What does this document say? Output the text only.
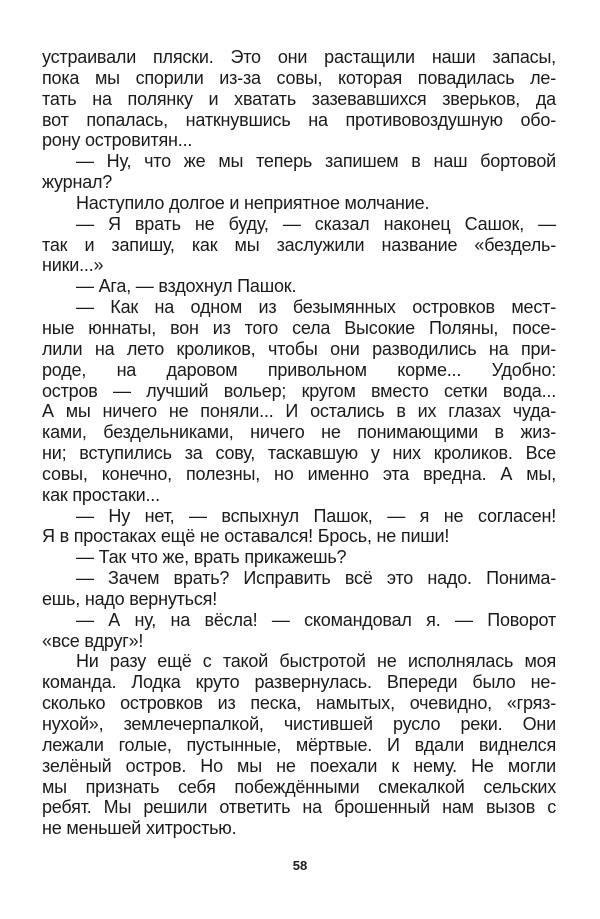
устраивали пляски. Это они растащили наши запасы,
пока мы спорили из-за совы, которая повадилась ле-
тать на полянку и хватать зазевавшихся зверьков, да
вот попалась, наткнувшись на противовоздушную обо-
рону островитян...
— Ну, что же мы теперь запишем в наш бортовой
журнал?
Наступило долгое и неприятное молчание.
— Я врать не буду, — сказал наконец Сашок, —
так и запишу, как мы заслужили название «бездель-
ники...»
— Ага, — вздохнул Пашок.
— Как на одном из безымянных островков мест-
ные юннаты, вон из того села Высокие Поляны, посе-
лили на лето кроликов, чтобы они разводились на при-
роде, на даровом привольном корме... Удобно:
остров — лучший вольер; кругом вместо сетки вода...
А мы ничего не поняли... И остались в их глазах чуда-
ками, бездельниками, ничего не понимающими в жиз-
ни; вступились за сову, таскавшую у них кроликов. Все
совы, конечно, полезны, но именно эта вредна. А мы,
как простаки...
— Ну нет, — вспыхнул Пашок, — я не согласен!
Я в простаках ещё не оставался! Брось, не пиши!
— Так что же, врать прикажешь?
— Зачем врать? Исправить всё это надо. Понима-
ешь, надо вернуться!
— А ну, на вёсла! — скомандовал я. — Поворот
«все вдруг»!
Ни разу ещё с такой быстротой не исполнялась моя
команда. Лодка круто развернулась. Впереди было не-
сколько островков из песка, намытых, очевидно, «гряз-
нухой», землечерпалкой, чистившей русло реки. Они
лежали голые, пустынные, мёртвые. И вдали виднелся
зелёный остров. Но мы не поехали к нему. Не могли
мы признать себя побеждёнными смекалкой сельских
ребят. Мы решили ответить на брошенный нам вызов с
не меньшей хитростью.
58
